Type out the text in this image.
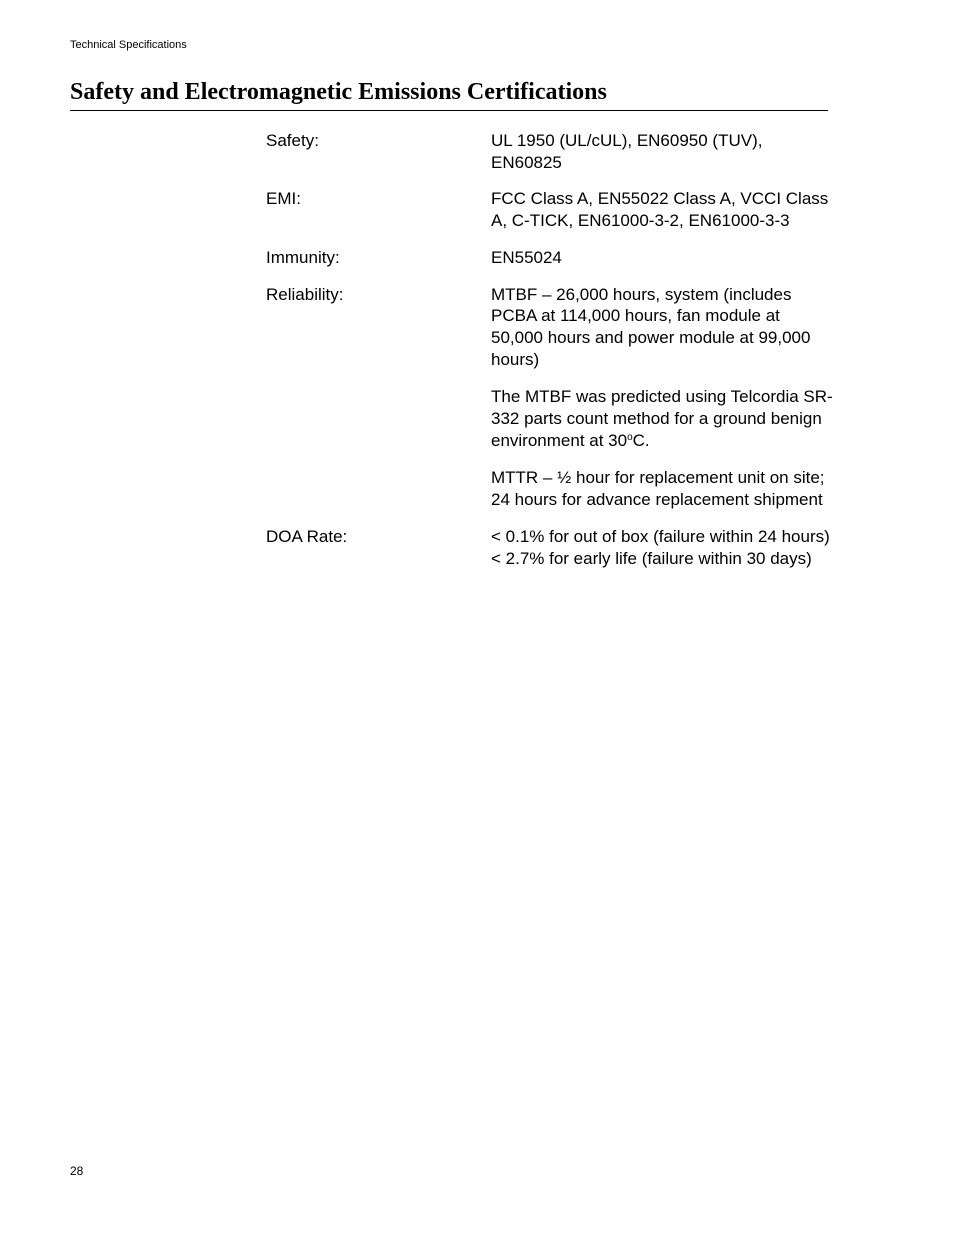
Technical Specifications
Safety and Electromagnetic Emissions Certifications
Safety:	UL 1950 (UL/cUL), EN60950 (TUV), EN60825

EMI:	FCC Class A, EN55022 Class A, VCCI Class A, C-TICK, EN61000-3-2, EN61000-3-3

Immunity:	EN55024

Reliability:	MTBF – 26,000 hours, system (includes PCBA at 114,000 hours, fan module at 50,000 hours and power module at 99,000 hours)

The MTBF was predicted using Telcordia SR-332 parts count method for a ground benign environment at 30$^o$C.

MTTR – ½ hour for replacement unit on site; 24 hours for advance replacement shipment

DOA Rate:	< 0.1% for out of box (failure within 24 hours)
< 2.7% for early life (failure within 30 days)

28
